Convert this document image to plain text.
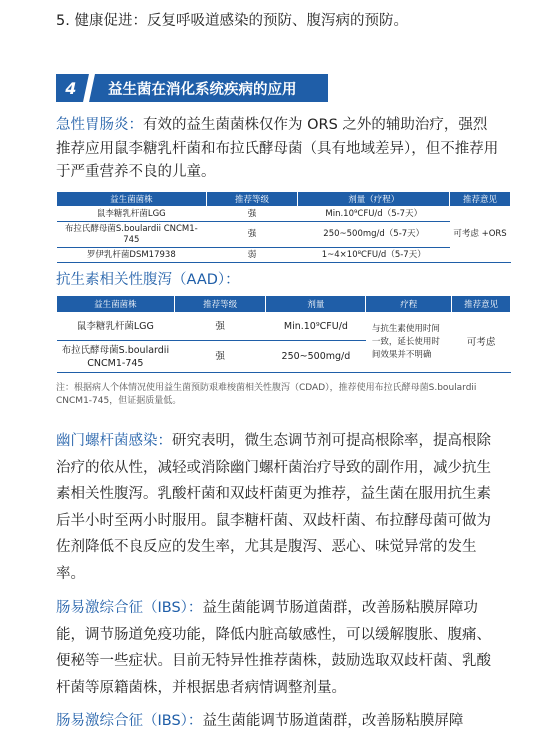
5. 健康促进：反复呼吸道感染的预防、腹泻病的预防。
4	益生菌在消化系统疾病的应用
急性胃肠炎：有效的益生菌菌株仅作为 ORS 之外的辅助治疗，强烈推荐应用鼠李糖乳杆菌和布拉氏酵母菌（具有地域差异），但不推荐用于严重营养不良的儿童。
益生菌菌株	推荐等级	剂量（疗程）	推荐意见
鼠李糖乳杆菌LGG	强	Min.10⁹CFU/d（5-7天）	可考虑 +ORS
布拉氏酵母菌S.boulardii CNCM1-745	强	250~500mg/d（5-7天）	
罗伊乳杆菌DSM17938	弱	1~4×10⁸CFU/d（5-7天）	
抗生素相关性腹泻（AAD）：
益生菌菌株	推荐等级	剂量	疗程	推荐意见
鼠李糖乳杆菌LGG	强	Min.10⁹CFU/d	与抗生素使用时间一致，延长使用时间效果并不明确	可考虑
布拉氏酵母菌S.boulardii CNCM1-745	强	250~500mg/d		
注：根据病人个体情况使用益生菌预防艰难梭菌相关性腹泻（CDAD），推荐使用布拉氏酵母菌S.boulardii CNCM1-745，但证据质量低。
幽门螺杆菌感染：研究表明，微生态调节剂可提高根除率，提高根除治疗的依从性，减轻或消除幽门螺杆菌治疗导致的副作用，减少抗生素相关性腹泻。乳酸杆菌和双歧杆菌更为推荐，益生菌在服用抗生素后半小时至两小时服用。鼠李糖杆菌、双歧杆菌、布拉酵母菌可做为佐剂降低不良反应的发生率，尤其是腹泻、恶心、味觉异常的发生率。
肠易激综合征（IBS）：益生菌能调节肠道菌群，改善肠粘膜屏障功能，调节肠道免疫功能，降低内脏高敏感性，可以缓解腹胀、腹痛、便秘等一些症状。目前无特异性推荐菌株，鼓励选取双歧杆菌、乳酸杆菌等原籍菌株，并根据患者病情调整剂量。
肠易激综合征（IBS）：益生菌能调节肠道菌群，改善肠粘膜屏障
